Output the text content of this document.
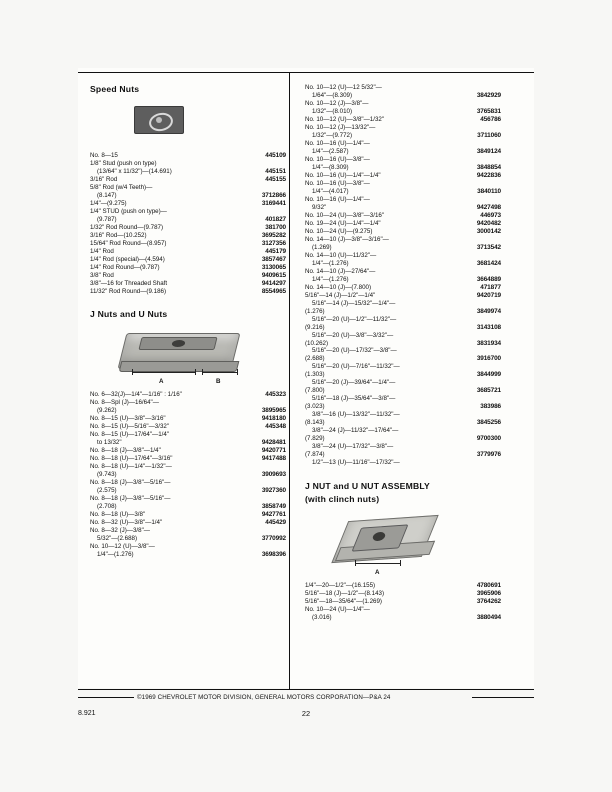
Speed Nuts
No. 8—15	445109
1/8" Stud (push on type)
(13/64" x 11/32")—(14.691)	445151
3/16" Rod	445155
5/8" Rod (w/4 Teeth)—
(8.147)	3712866
1/4"—(9.275)	3169441
1/4" STUD (push on type)—
(9.787)	401827
1/32" Rod Round—(9.787)	381700
3/16" Rod—(10.252)	3695282
15/64" Rod Round—(8.957)	3127356
1/4" Rod	445179
1/4" Rod (special)—(4.594)	3857467
1/4" Rod Round—(9.787)	3130065
3/8" Rod	9409615
3/8"—16 for Threaded Shaft	9414297
11/32" Rod Round—(9.186)	8554965
J Nuts and U Nuts
A	B
No. 6—32(J)—1/4"—1/16" : 1/16"	445323
No. 8—Spl (J)—16/64"—
(9.262)	3895965
No. 8—15 (U)—3/8"—3/16"	9418180
No. 8—15 (U)—5/16"—3/32"	445348
No. 8—15 (U)—17/64"—1/4"
to 13/32"	9428481
No. 8—18 (J)—3/8"—1/4"	9420771
No. 8—18 (U)—17/64"—3/16"	9417488
No. 8—18 (U)—1/4"—1/32"—
(9.743)	3909693
No. 8—18 (J)—3/8"—5/16"—
(2.575)	3927360
No. 8—18 (J)—3/8"—5/16"—
(2.708)	3858749
No. 8—18 (U)—3/8"	9427761
No. 8—32 (U)—3/8"—1/4"	445429
No. 8—32 (J)—3/8"—
5/32"—(2.688)	3770992
No. 10—12 (U)—3/8"—
1/4"—(1.276)	3698396
No. 10—12 (U)—12 5/32"—
1/64"—(8.309)	3842929
No. 10—12 (J)—3/8"—
1/32"—(8.010)	3765831
No. 10—12 (U)—3/8"—1/32"	456786
No. 10—12 (J)—13/32"—
1/32"—(9.772)	3711060
No. 10—16 (U)—1/4"—
1/4"—(2.587)	3849124
No. 10—16 (U)—3/8"—
1/4"—(8.309)	3848854
No. 10—16 (U)—1/4"—1/4"	9422836
No. 10—16 (U)—3/8"—
1/4"—(4.017)	3840110
No. 10—16 (U)—1/4"—
9/32"	9427498
No. 10—24 (U)—3/8"—3/16"	446973
No. 19—24 (U)—1/4"—1/4"	9420482
No. 10—24 (U)—(9.275)	3000142
No. 14—10 (J)—3/8"—3/16"—
(1.269)	3713542
No. 14—10 (U)—11/32"—
1/4"—(1.276)	3681424
No. 14—10 (J)—27/64"—
1/4"—(1.276)	3664889
No. 14—10 (J)—(7.800)	471877
5/16"—14 (J)—1/2"—1/4"	9420719
5/16"—14 (J)—15/32"—1/4"—
(1.276)	3849974
5/16"—20 (U)—1/2"—11/32"—
(9.216)	3143108
5/16"—20 (U)—3/8"—3/32"—
(10.262)	3831934
5/16"—20 (U)—17/32"—3/8"—
(2.688)	3916700
5/16"—20 (U)—7/16"—11/32"—
(1.303)	3844999
5/16"—20 (J)—39/64"—1/4"—
(7.800)	3685721
5/16"—18 (J)—35/64"—3/8"—
(3.023)	383986
3/8"—16 (U)—13/32"—11/32"—
(8.143)	3845256
3/8"—24 (J)—11/32"—17/64"—
(7.829)	9700300
3/8"—24 (U)—17/32"—3/8"—
(7.874)	3779976
1/2"—13 (U)—11/16"—17/32"—
J NUT and U NUT ASSEMBLY
(with clinch nuts)
A
1/4"—20—1/2"—(16.155)	4780691
5/16"—18 (J)—1/2"—(8.143)	3965906
5/16"—18—35/64"—(1.269)	3764262
No. 10—24 (U)—1/4"—
(3.016)	3880494
©1969 CHEVROLET MOTOR DIVISION, GENERAL MOTORS CORPORATION—P&A 24
8.921	22
